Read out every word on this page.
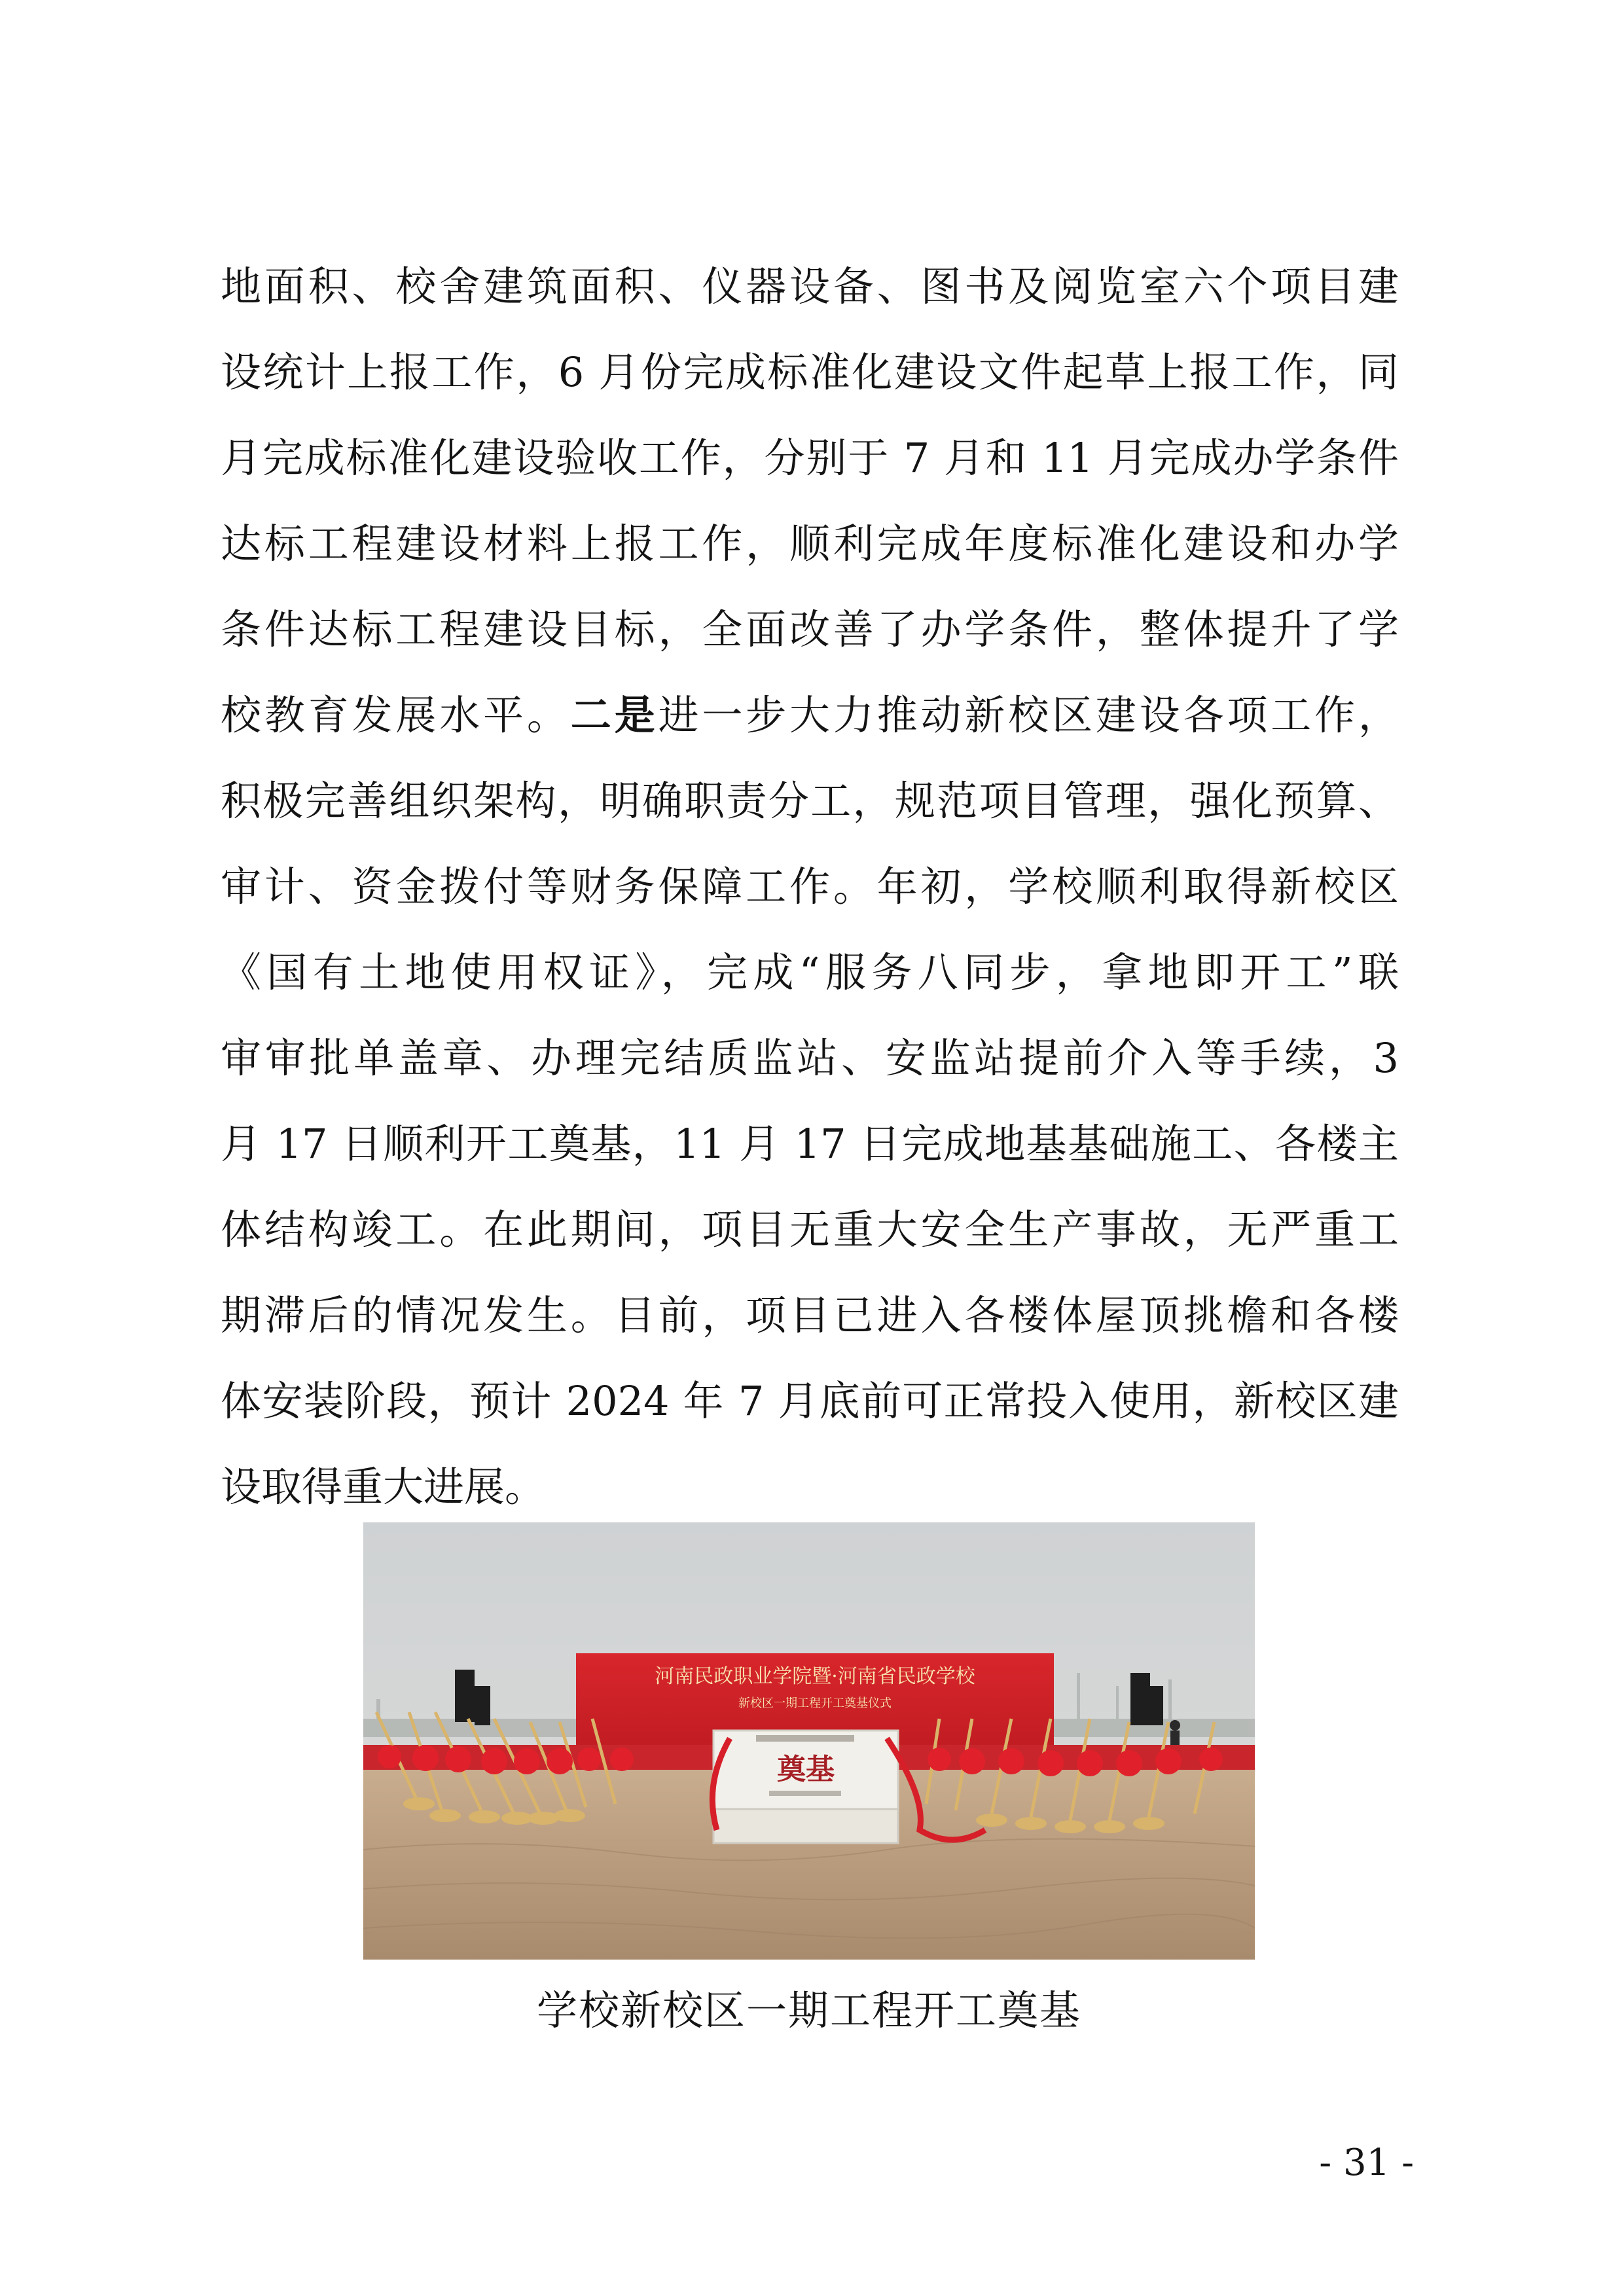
地面积、校舍建筑面积、仪器设备、图书及阅览室六个项目建
设统计上报工作，6 月份完成标准化建设文件起草上报工作，同
月完成标准化建设验收工作，分别于 7 月和 11 月完成办学条件
达标工程建设材料上报工作，顺利完成年度标准化建设和办学
条件达标工程建设目标，全面改善了办学条件，整体提升了学
校教育发展水平。二是进一步大力推动新校区建设各项工作，
积极完善组织架构，明确职责分工，规范项目管理，强化预算、
审计、资金拨付等财务保障工作。年初，学校顺利取得新校区
《国有土地使用权证》，完成“服务八同步，拿地即开工”联
审审批单盖章、办理完结质监站、安监站提前介入等手续，3
月 17 日顺利开工奠基，11 月 17 日完成地基基础施工、各楼主
体结构竣工。在此期间，项目无重大安全生产事故，无严重工
期滞后的情况发生。目前，项目已进入各楼体屋顶挑檐和各楼
体安装阶段，预计 2024 年 7 月底前可正常投入使用，新校区建
设取得重大进展。
河南民政职业学院暨·河南省民政学校
新校区一期工程开工奠基仪式
奠基
学校新校区一期工程开工奠基
- 31 -
